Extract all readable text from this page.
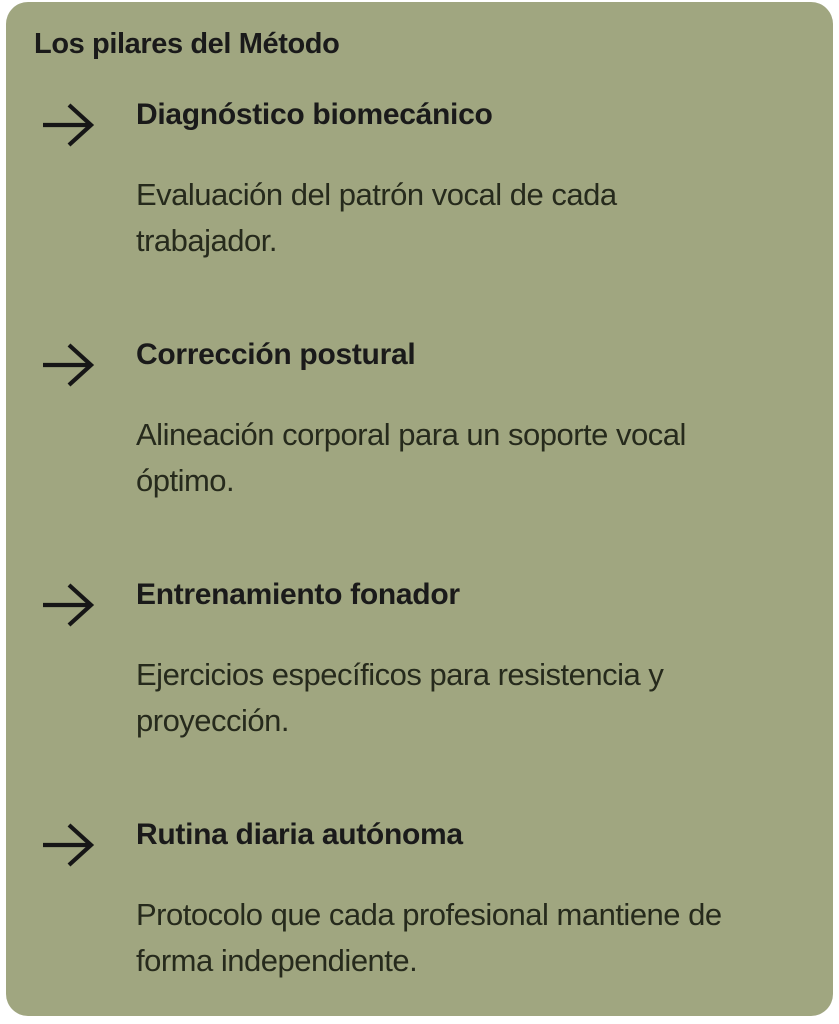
Los pilares del Método
Diagnóstico biomecánico

Evaluación del patrón vocal de cada
trabajador.

Corrección postural

Alineación corporal para un soporte vocal
óptimo.

Entrenamiento fonador

Ejercicios específicos para resistencia y
proyección.

Rutina diaria autónoma

Protocolo que cada profesional mantiene de
forma independiente.
